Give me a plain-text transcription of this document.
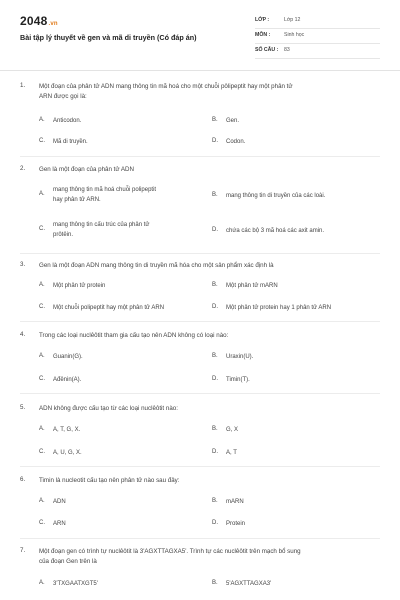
2048.vn
Bài tập lý thuyết về gen và mã di truyền (Có đáp án)
LỚP :	Lớp 12
MÔN :	Sinh học
SỐ CÂU : 83
1. Một đoạn của phân tử ADN mang thông tin mã hoá cho một chuỗi pôlipeptit hay một phân tử
ARN được gọi là:
A. Anticodon.	B. Gen.
C. Mã di truyền.	D. Codon.
2. Gen là một đoạn của phân tử ADN
A.
mang thông tin mã hoá chuỗi polipeptit
hay phân tử ARN.
B. mang thông tin di truyền của các loài.
C.
mang thông tin cấu trúc của phân tử
prôtêin.
D. chứa các bộ 3 mã hoá các axit amin.
3. Gen là một đoạn ADN mang thông tin di truyền mã hóa cho một sản phẩm xác định là
A. Một phân tử protein	B. Một phân tử mARN
C. Một chuỗi polipeptit hay một phân tử ARN	D. Một phân tử protein hay 1 phân tử ARN
4. Trong các loại nuclêôtit tham gia cấu tạo nên ADN không có loại nào:
A. Guanin(G).	B. Uraxin(U).
C. Ađênin(A).	D. Timin(T).
5. ADN không được cấu tạo từ các loại nuclêôtit nào:
A. A, T, G, X.	B. G, X
C. A, U, G, X.	D. A, T
6. Timin là nucleotit cấu tạo nên phân tử nào sau đây:
A. ADN	B. mARN
C. ARN	D. Protein
7. Một đoạn gen có trình tự nuclêôtit là 3'AGXTTAGXA5'. Trình tự các nuclêôtit trên mạch bổ sung
của đoạn Gen trên là
A. 3'TXGAATXGT5'	B. 5'AGXTTAGXA3'
